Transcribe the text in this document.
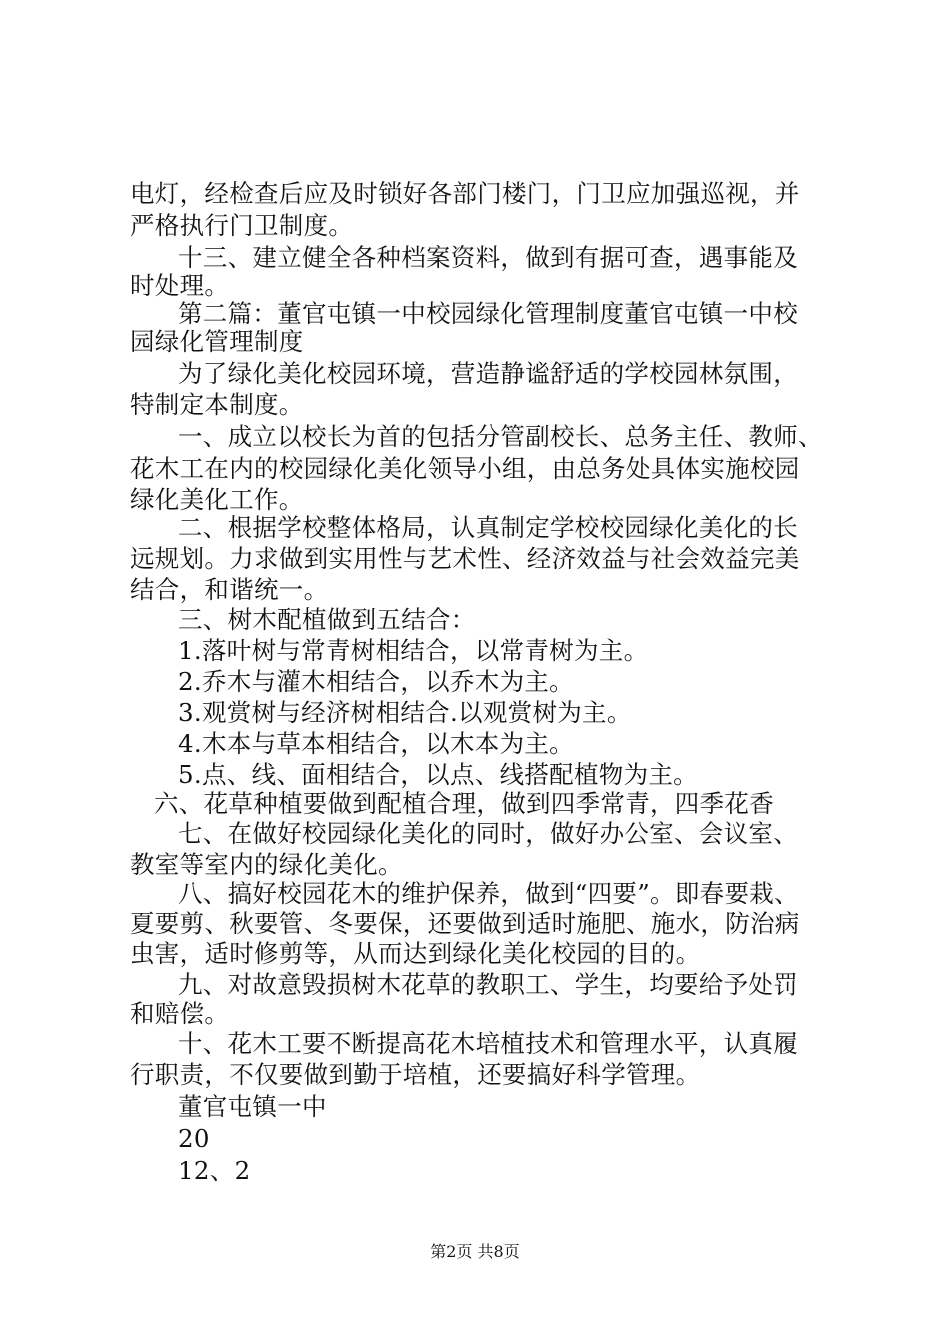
电灯，经检查后应及时锁好各部门楼门，门卫应加强巡视，并
严格执行门卫制度。
十三、建立健全各种档案资料，做到有据可查，遇事能及
时处理。
第二篇：董官屯镇一中校园绿化管理制度董官屯镇一中校
园绿化管理制度
为了绿化美化校园环境，营造静谧舒适的学校园林氛围，
特制定本制度。
一、成立以校长为首的包括分管副校长、总务主任、教师、
花木工在内的校园绿化美化领导小组，由总务处具体实施校园
绿化美化工作。
二、根据学校整体格局，认真制定学校校园绿化美化的长
远规划。力求做到实用性与艺术性、经济效益与社会效益完美
结合，和谐统一。
三、树木配植做到五结合：
1.落叶树与常青树相结合，以常青树为主。
2.乔木与灌木相结合，以乔木为主。
3.观赏树与经济树相结合.以观赏树为主。
4.木本与草本相结合，以木本为主。
5.点、线、面相结合，以点、线搭配植物为主。
六、花草种植要做到配植合理，做到四季常青，四季花香
七、在做好校园绿化美化的同时，做好办公室、会议室、
教室等室内的绿化美化。
八、搞好校园花木的维护保养，做到“四要”。即春要栽、
夏要剪、秋要管、冬要保，还要做到适时施肥、施水，防治病
虫害，适时修剪等，从而达到绿化美化校园的目的。
九、对故意毁损树木花草的教职工、学生，均要给予处罚
和赔偿。
十、花木工要不断提高花木培植技术和管理水平，认真履
行职责，不仅要做到勤于培植，还要搞好科学管理。
董官屯镇一中
20
12、2
第2页 共8页
